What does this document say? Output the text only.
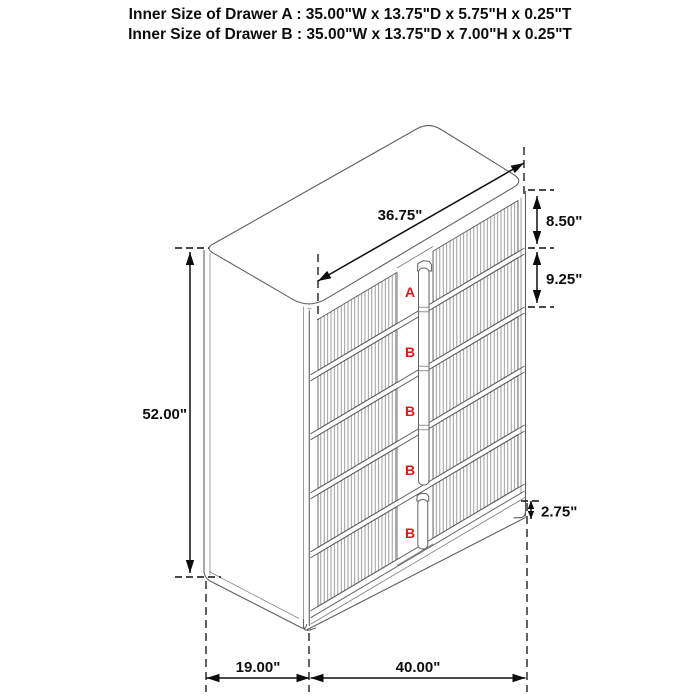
Inner Size of Drawer A : 35.00"W x 13.75"D x 5.75"H x 0.25"T
Inner Size of Drawer B : 35.00"W x 13.75"D x 7.00"H x 0.25"T
A
B
B
B
B
36.75"
52.00"
8.50"
9.25"
2.75"
19.00"	40.00"
